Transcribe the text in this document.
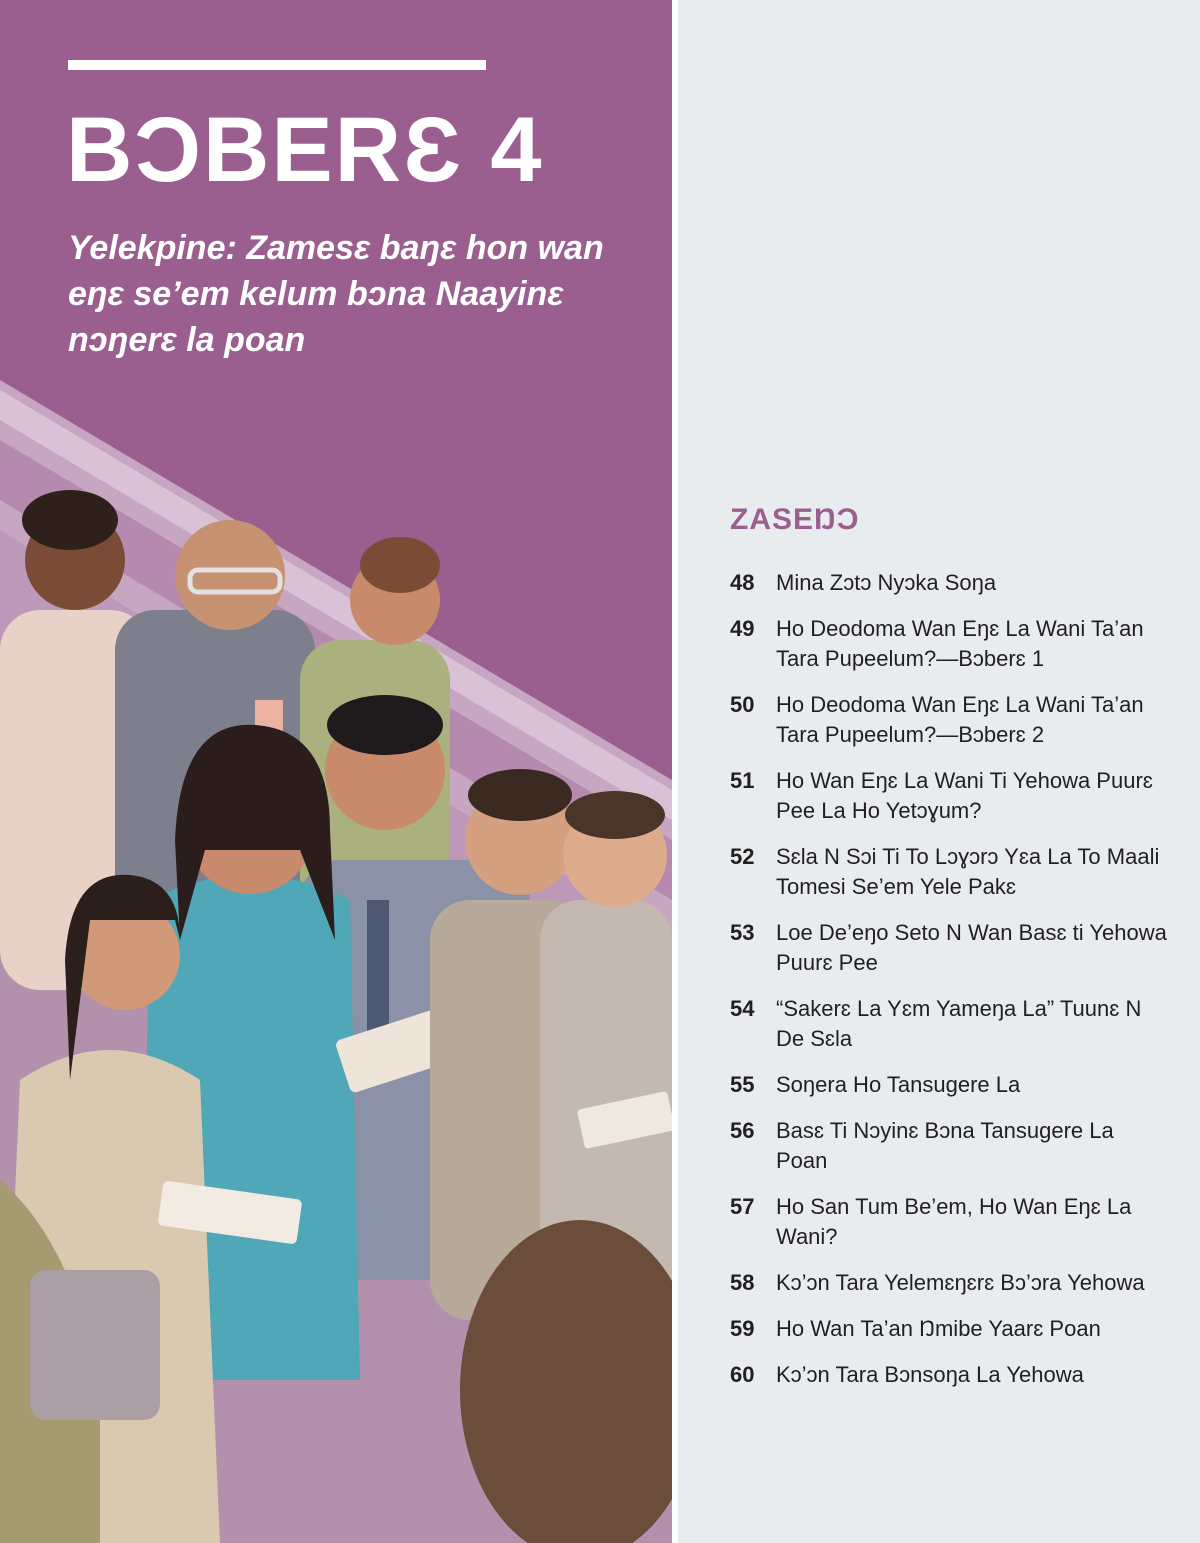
BƆBERƐ 4

Yelekpine: Zamesɛ baŋɛ hon wan eŋɛ se’em kelum bɔna Naayinɛ nɔŋerɛ la poan

ZASEŊƆ
48 Mina Zɔtɔ Nyɔka Soŋa
49 Ho Deodoma Wan Eŋɛ La Wani Ta’an Tara Pupeelum?—Bɔberɛ 1
50 Ho Deodoma Wan Eŋɛ La Wani Ta’an Tara Pupeelum?—Bɔberɛ 2
51 Ho Wan Eŋɛ La Wani Ti Yehowa Puurɛ Pee La Ho Yetɔɣum?
52 Sɛla N Sɔi Ti To Lɔɣɔrɔ Yɛa La To Maali Tomesi Se’em Yele Pakɛ
53 Loe De’eŋo Seto N Wan Basɛ ti Yehowa Puurɛ Pee
54 “Sakerɛ La Yɛm Yameŋa La” Tuunɛ N De Sɛla
55 Soŋera Ho Tansugere La
56 Basɛ Ti Nɔyinɛ Bɔna Tansugere La Poan
57 Ho San Tum Be’em, Ho Wan Eŋɛ La Wani?
58 Kɔ’ɔn Tara Yelemɛŋɛrɛ Bɔ’ɔra Yehowa
59 Ho Wan Ta’an Ŋmibe Yaarɛ Poan
60 Kɔ’ɔn Tara Bɔnsoŋa La Yehowa
